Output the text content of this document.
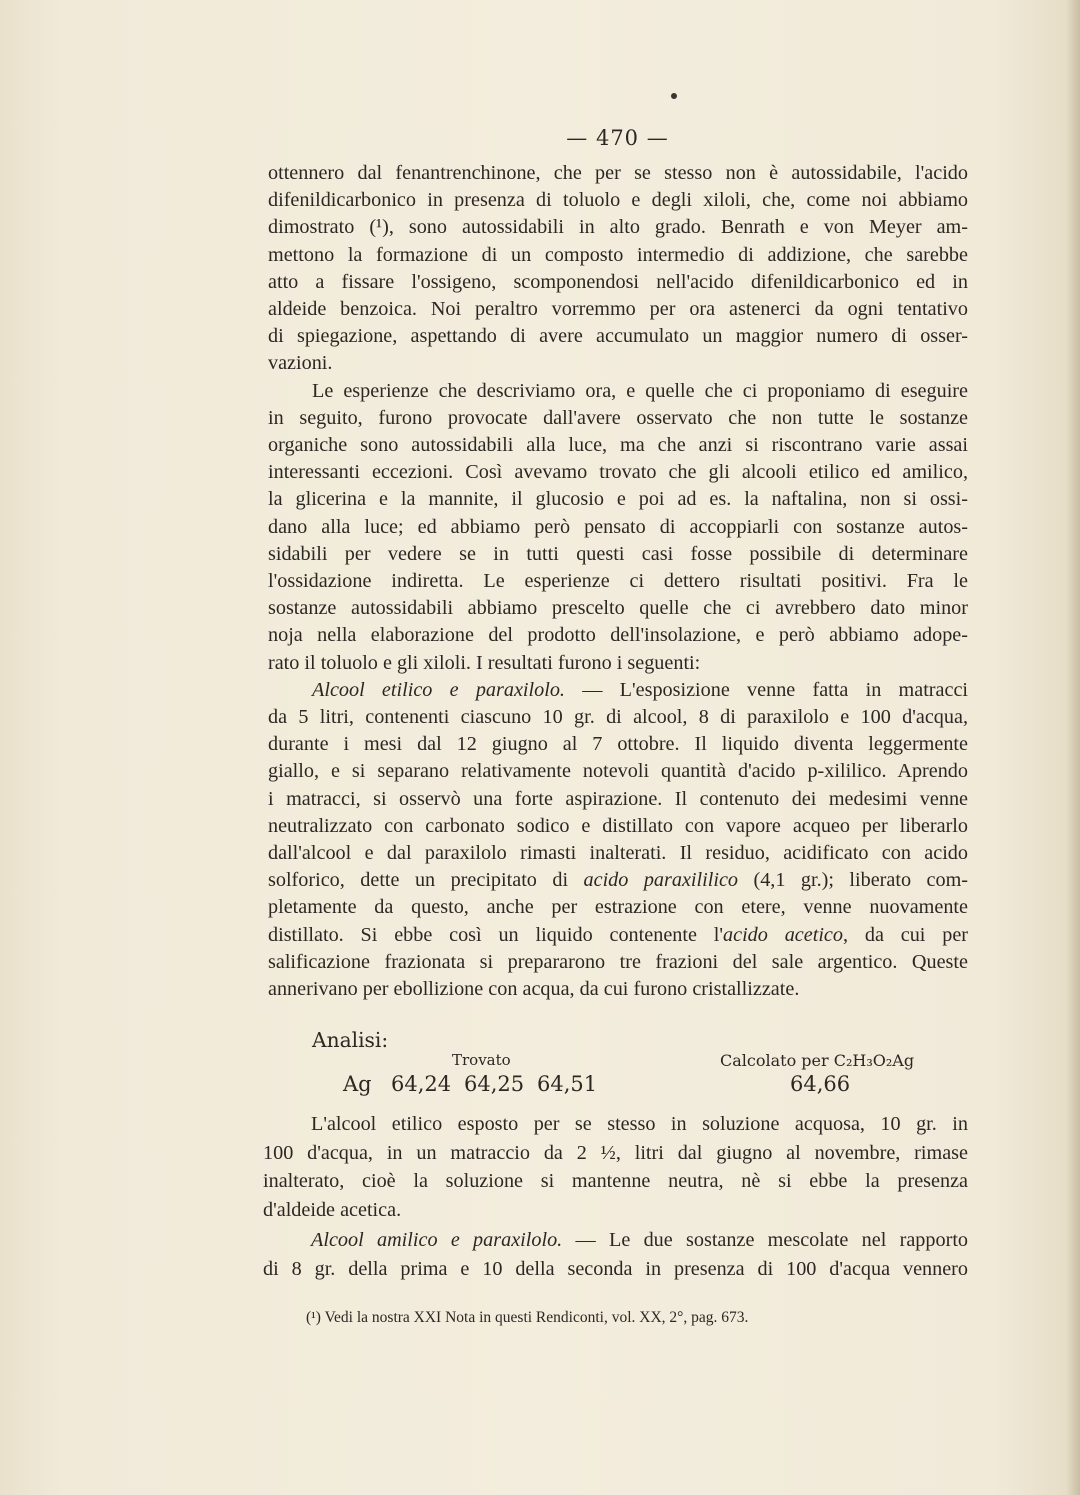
— 470 —

ottennero dal fenantrenchinone, che per se stesso non è autossidabile, l'acido
difenildicarbonico in presenza di toluolo e degli xiloli, che, come noi abbiamo
dimostrato (¹), sono autossidabili in alto grado. Benrath e von Meyer am-
mettono la formazione di un composto intermedio di addizione, che sarebbe
atto a fissare l'ossigeno, scomponendosi nell'acido difenildicarbonico ed in
aldeide benzoica. Noi peraltro vorremmo per ora astenerci da ogni tentativo
di spiegazione, aspettando di avere accumulato un maggior numero di osser-
vazioni.

Le esperienze che descriviamo ora, e quelle che ci proponiamo di eseguire
in seguito, furono provocate dall'avere osservato che non tutte le sostanze
organiche sono autossidabili alla luce, ma che anzi si riscontrano varie assai
interessanti eccezioni. Così avevamo trovato che gli alcooli etilico ed amilico,
la glicerina e la mannite, il glucosio e poi ad es. la naftalina, non si ossi-
dano alla luce; ed abbiamo però pensato di accoppiarli con sostanze autos-
sidabili per vedere se in tutti questi casi fosse possibile di determinare
l'ossidazione indiretta. Le esperienze ci dettero risultati positivi. Fra le
sostanze autossidabili abbiamo prescelto quelle che ci avrebbero dato minor
noja nella elaborazione del prodotto dell'insolazione, e però abbiamo adope-
rato il toluolo e gli xiloli. I resultati furono i seguenti:

Alcool etilico e paraxilolo. — L'esposizione venne fatta in matracci
da 5 litri, contenenti ciascuno 10 gr. di alcool, 8 di paraxilolo e 100 d'acqua,
durante i mesi dal 12 giugno al 7 ottobre. Il liquido diventa leggermente
giallo, e si separano relativamente notevoli quantità d'acido p-xililico. Aprendo
i matracci, si osservò una forte aspirazione. Il contenuto dei medesimi venne
neutralizzato con carbonato sodico e distillato con vapore acqueo per liberarlo
dall'alcool e dal paraxilolo rimasti inalterati. Il residuo, acidificato con acido
solforico, dette un precipitato di acido paraxililico (4,1 gr.); liberato com-
pletamente da questo, anche per estrazione con etere, venne nuovamente
distillato. Si ebbe così un liquido contenente l'acido acetico, da cui per
salificazione frazionata si prepararono tre frazioni del sale argentico. Queste
annerivano per ebollizione con acqua, da cui furono cristallizzate.

Analisi:
Trovato	Calcolato per C₂H₃O₂Ag
Ag 64,24 64,25 64,51	64,66

L'alcool etilico esposto per se stesso in soluzione acquosa, 10 gr. in
100 d'acqua, in un matraccio da 2 ½, litri dal giugno al novembre, rimase
inalterato, cioè la soluzione si mantenne neutra, nè si ebbe la presenza
d'aldeide acetica.

Alcool amilico e paraxilolo. — Le due sostanze mescolate nel rapporto
di 8 gr. della prima e 10 della seconda in presenza di 100 d'acqua vennero

(¹) Vedi la nostra XXI Nota in questi Rendiconti, vol. XX, 2°, pag. 673.
